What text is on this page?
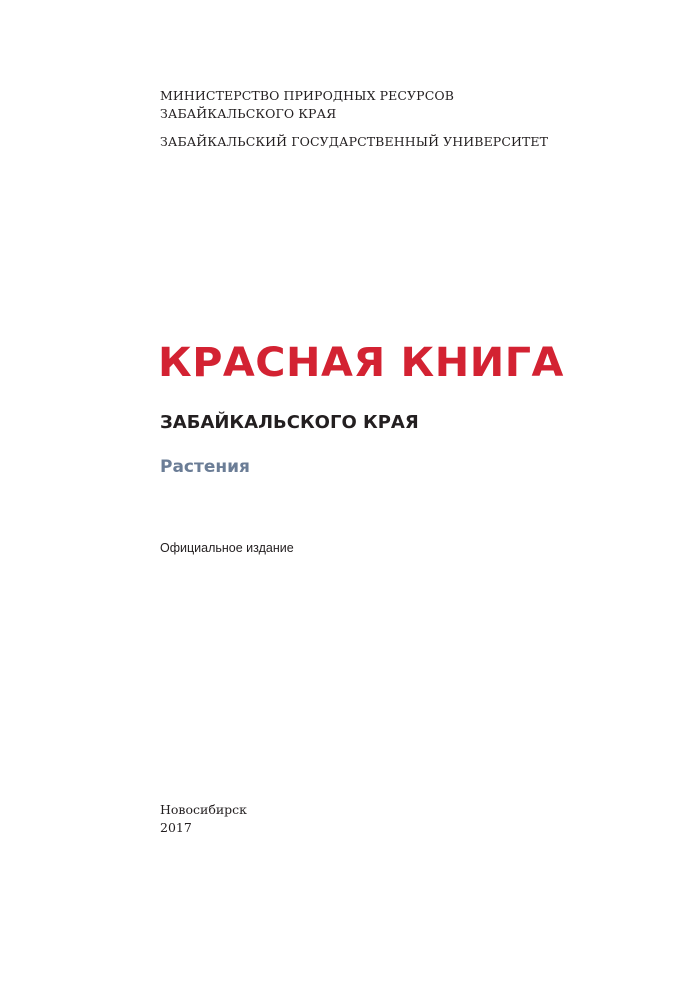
МИНИСТЕРСТВО ПРИРОДНЫХ РЕСУРСОВ
ЗАБАЙКАЛЬСКОГО КРАЯ
ЗАБАЙКАЛЬСКИЙ ГОСУДАРСТВЕННЫЙ УНИВЕРСИТЕТ
КРАСНАЯ КНИГА
ЗАБАЙКАЛЬСКОГО КРАЯ
Растения
Официальное издание
Новосибирск
2017
